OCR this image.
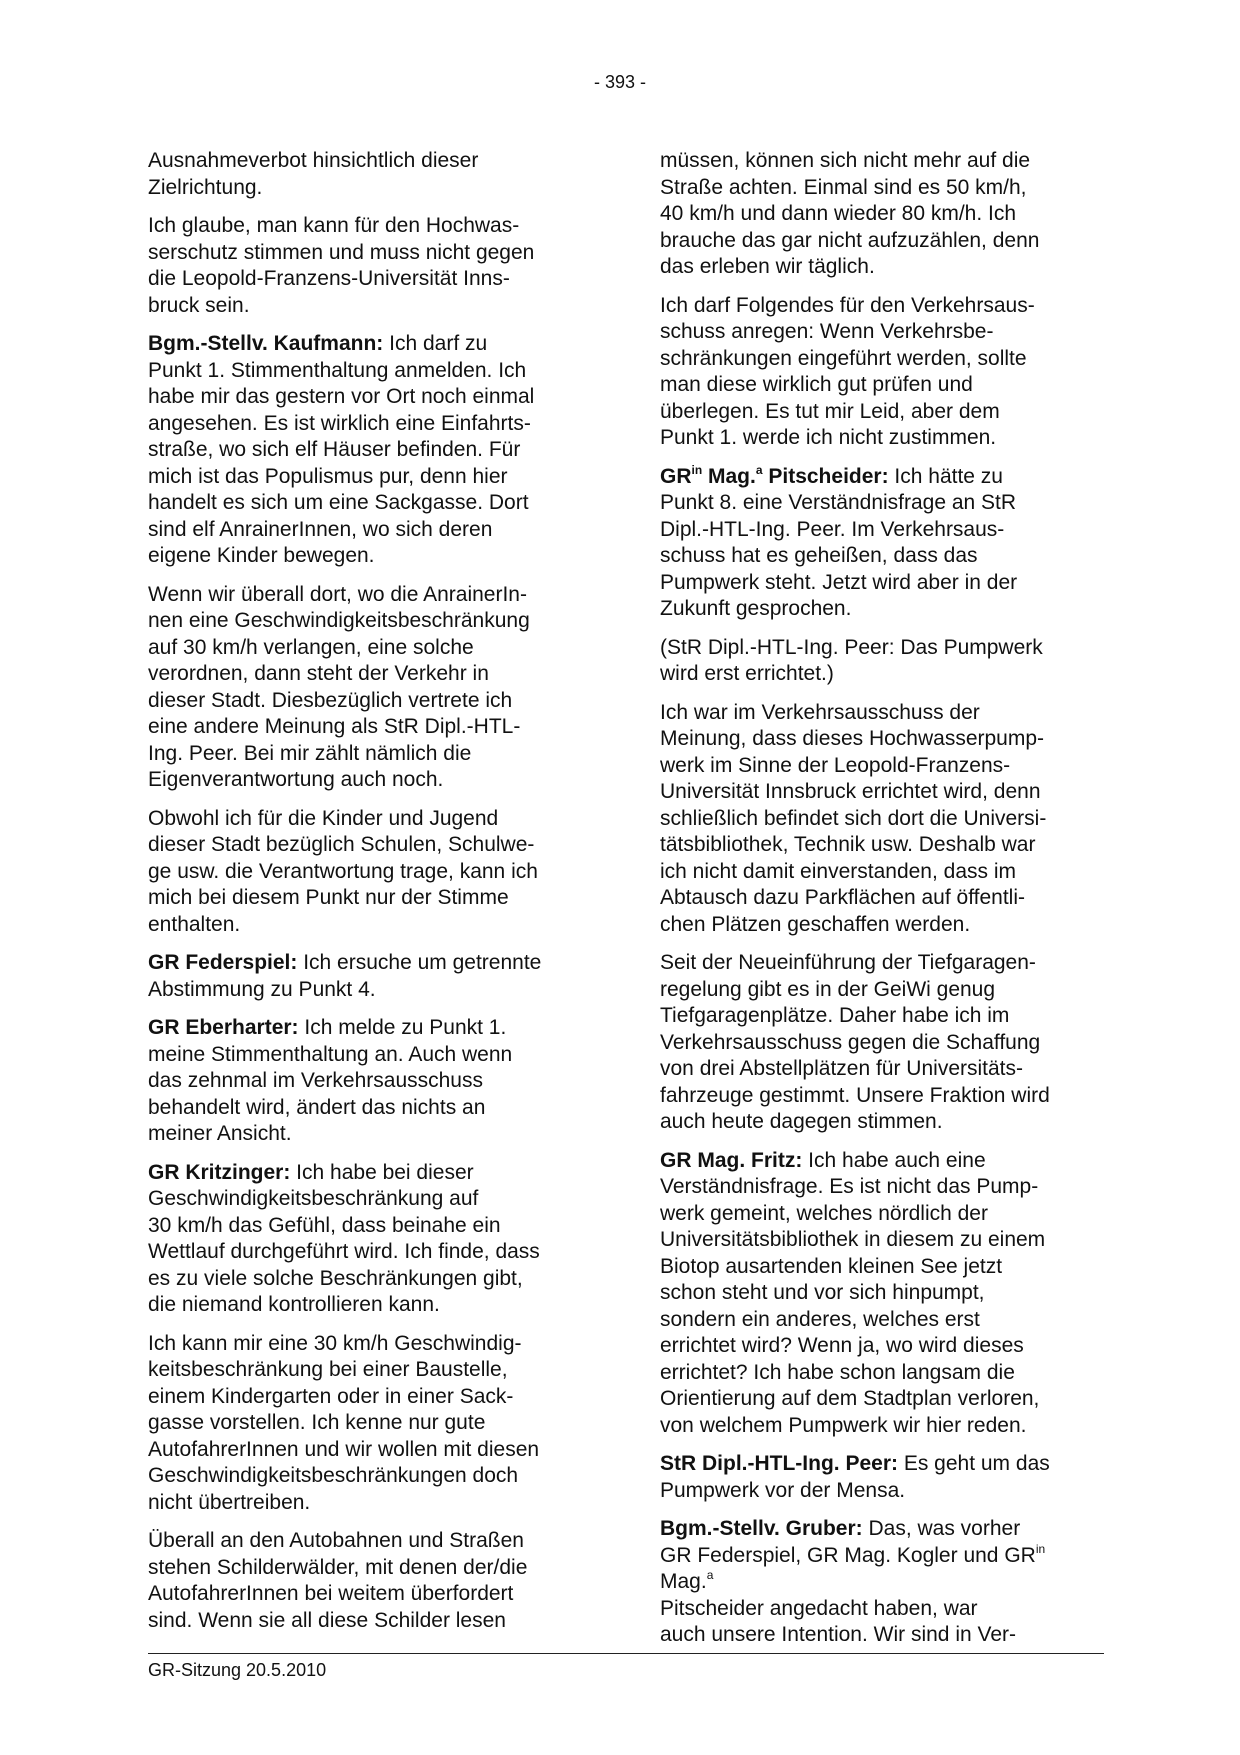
- 393 -

Ausnahmeverbot hinsichtlich dieser
Zielrichtung.

Ich glaube, man kann für den Hochwas-
serschutz stimmen und muss nicht gegen
die Leopold-Franzens-Universität Inns-
bruck sein.

Bgm.-Stellv. Kaufmann: Ich darf zu
Punkt 1. Stimmenthaltung anmelden. Ich
habe mir das gestern vor Ort noch einmal
angesehen. Es ist wirklich eine Einfahrts-
straße, wo sich elf Häuser befinden. Für
mich ist das Populismus pur, denn hier
handelt es sich um eine Sackgasse. Dort
sind elf AnrainerInnen, wo sich deren
eigene Kinder bewegen.

Wenn wir überall dort, wo die AnrainerIn-
nen eine Geschwindigkeitsbeschränkung
auf 30 km/h verlangen, eine solche
verordnen, dann steht der Verkehr in
dieser Stadt. Diesbezüglich vertrete ich
eine andere Meinung als StR Dipl.-HTL-
Ing. Peer. Bei mir zählt nämlich die
Eigenverantwortung auch noch.

Obwohl ich für die Kinder und Jugend
dieser Stadt bezüglich Schulen, Schulwe-
ge usw. die Verantwortung trage, kann ich
mich bei diesem Punkt nur der Stimme
enthalten.

GR Federspiel: Ich ersuche um getrennte
Abstimmung zu Punkt 4.

GR Eberharter: Ich melde zu Punkt 1.
meine Stimmenthaltung an. Auch wenn
das zehnmal im Verkehrsausschuss
behandelt wird, ändert das nichts an
meiner Ansicht.

GR Kritzinger: Ich habe bei dieser
Geschwindigkeitsbeschränkung auf
30 km/h das Gefühl, dass beinahe ein
Wettlauf durchgeführt wird. Ich finde, dass
es zu viele solche Beschränkungen gibt,
die niemand kontrollieren kann.

Ich kann mir eine 30 km/h Geschwindig-
keitsbeschränkung bei einer Baustelle,
einem Kindergarten oder in einer Sack-
gasse vorstellen. Ich kenne nur gute
AutofahrerInnen und wir wollen mit diesen
Geschwindigkeitsbeschränkungen doch
nicht übertreiben.

Überall an den Autobahnen und Straßen
stehen Schilderwälder, mit denen der/die
AutofahrerInnen bei weitem überfordert
sind. Wenn sie all diese Schilder lesen

müssen, können sich nicht mehr auf die
Straße achten. Einmal sind es 50 km/h,
40 km/h und dann wieder 80 km/h. Ich
brauche das gar nicht aufzuzählen, denn
das erleben wir täglich.

Ich darf Folgendes für den Verkehrsaus-
schuss anregen: Wenn Verkehrsbe-
schränkungen eingeführt werden, sollte
man diese wirklich gut prüfen und
überlegen. Es tut mir Leid, aber dem
Punkt 1. werde ich nicht zustimmen.

$GR^{in}$ Mag.$^a$ Pitscheider: Ich hätte zu
Punkt 8. eine Verständnisfrage an StR
Dipl.-HTL-Ing. Peer. Im Verkehrsaus-
schuss hat es geheißen, dass das
Pumpwerk steht. Jetzt wird aber in der
Zukunft gesprochen.

(StR Dipl.-HTL-Ing. Peer: Das Pumpwerk
wird erst errichtet.)

Ich war im Verkehrsausschuss der
Meinung, dass dieses Hochwasserpump-
werk im Sinne der Leopold-Franzens-
Universität Innsbruck errichtet wird, denn
schließlich befindet sich dort die Universi-
tätsbibliothek, Technik usw. Deshalb war
ich nicht damit einverstanden, dass im
Abtausch dazu Parkflächen auf öffentli-
chen Plätzen geschaffen werden.

Seit der Neueinführung der Tiefgaragen-
regelung gibt es in der GeiWi genug
Tiefgaragenplätze. Daher habe ich im
Verkehrsausschuss gegen die Schaffung
von drei Abstellplätzen für Universitäts-
fahrzeuge gestimmt. Unsere Fraktion wird
auch heute dagegen stimmen.

GR Mag. Fritz: Ich habe auch eine
Verständnisfrage. Es ist nicht das Pump-
werk gemeint, welches nördlich der
Universitätsbibliothek in diesem zu einem
Biotop ausartenden kleinen See jetzt
schon steht und vor sich hinpumpt,
sondern ein anderes, welches erst
errichtet wird? Wenn ja, wo wird dieses
errichtet? Ich habe schon langsam die
Orientierung auf dem Stadtplan verloren,
von welchem Pumpwerk wir hier reden.

StR Dipl.-HTL-Ing. Peer: Es geht um das
Pumpwerk vor der Mensa.

Bgm.-Stellv. Gruber: Das, was vorher
GR Federspiel, GR Mag. Kogler und $GR^{in}$
Mag.$^a$
Pitscheider angedacht haben, war
auch unsere Intention. Wir sind in Ver-

GR-Sitzung 20.5.2010
